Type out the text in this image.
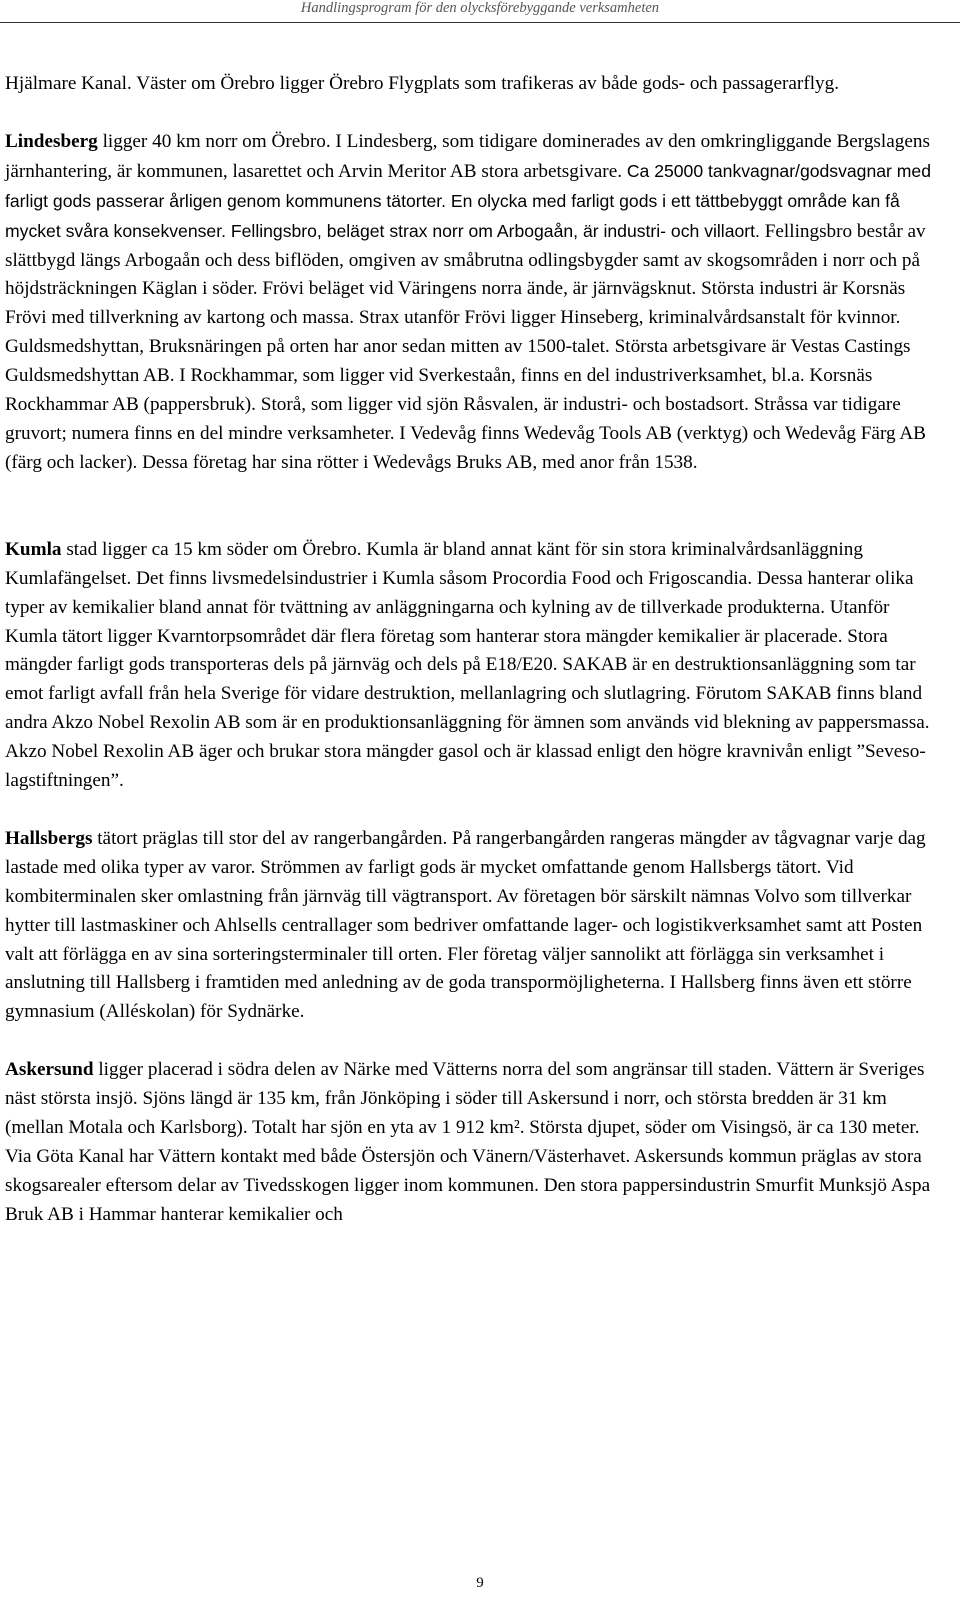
Handlingsprogram för den olycksförebyggande verksamheten

Hjälmare Kanal. Väster om Örebro ligger Örebro Flygplats som trafikeras av både gods- och passagerarflyg.

Lindesberg ligger 40 km norr om Örebro. I Lindesberg, som tidigare dominerades av den omkringliggande Bergslagens järnhantering, är kommunen, lasarettet och Arvin Meritor AB stora arbetsgivare. Ca 25000 tankvagnar/godsvagnar med farligt gods passerar årligen genom kommunens tätorter. En olycka med farligt gods i ett tättbebyggt område kan få mycket svåra konsekvenser. Fellingsbro, beläget strax norr om Arbogaån, är industri- och villaort. Fellingsbro består av slättbygd längs Arbogaån och dess biflöden, omgiven av småbrutna odlingsbygder samt av skogsområden i norr och på höjdsträckningen Käglan i söder. Frövi beläget vid Väringens norra ände, är järnvägsknut. Största industri är Korsnäs Frövi med tillverkning av kartong och massa. Strax utanför Frövi ligger Hinseberg, kriminalvårdsanstalt för kvinnor. Guldsmedshyttan, Bruksnäringen på orten har anor sedan mitten av 1500-talet. Största arbetsgivare är Vestas Castings Guldsmedshyttan AB. I Rockhammar, som ligger vid Sverkestaån, finns en del industriverksamhet, bl.a. Korsnäs Rockhammar AB (pappersbruk). Storå, som ligger vid sjön Råsvalen, är industri- och bostadsort. Stråssa var tidigare gruvort; numera finns en del mindre verksamheter. I Vedevåg finns Wedevåg Tools AB (verktyg) och Wedevåg Färg AB (färg och lacker). Dessa företag har sina rötter i Wedevågs Bruks AB, med anor från 1538.

Kumla stad ligger ca 15 km söder om Örebro. Kumla är bland annat känt för sin stora kriminalvårdsanläggning Kumlafängelset. Det finns livsmedelsindustrier i Kumla såsom Procordia Food och Frigoscandia. Dessa hanterar olika typer av kemikalier bland annat för tvättning av anläggningarna och kylning av de tillverkade produkterna. Utanför Kumla tätort ligger Kvarntorpsområdet där flera företag som hanterar stora mängder kemikalier är placerade. Stora mängder farligt gods transporteras dels på järnväg och dels på E18/E20. SAKAB är en destruktionsanläggning som tar emot farligt avfall från hela Sverige för vidare destruktion, mellanlagring och slutlagring. Förutom SAKAB finns bland andra Akzo Nobel Rexolin AB som är en produktionsanläggning för ämnen som används vid blekning av pappersmassa. Akzo Nobel Rexolin AB äger och brukar stora mängder gasol och är klassad enligt den högre kravnivån enligt ”Seveso-lagstiftningen”.

Hallsbergs tätort präglas till stor del av rangerbangården. På rangerbangården rangeras mängder av tågvagnar varje dag lastade med olika typer av varor. Strömmen av farligt gods är mycket omfattande genom Hallsbergs tätort. Vid kombiterminalen sker omlastning från järnväg till vägtransport. Av företagen bör särskilt nämnas Volvo som tillverkar hytter till lastmaskiner och Ahlsells centrallager som bedriver omfattande lager- och logistikverksamhet samt att Posten valt att förlägga en av sina sorteringsterminaler till orten. Fler företag väljer sannolikt att förlägga sin verksamhet i anslutning till Hallsberg i framtiden med anledning av de goda transpormöjligheterna. I Hallsberg finns även ett större gymnasium (Alléskolan) för Sydnärke.

Askersund ligger placerad i södra delen av Närke med Vätterns norra del som angränsar till staden. Vättern är Sveriges näst största insjö. Sjöns längd är 135 km, från Jönköping i söder till Askersund i norr, och största bredden är 31 km (mellan Motala och Karlsborg). Totalt har sjön en yta av 1 912 km². Största djupet, söder om Visingsö, är ca 130 meter. Via Göta Kanal har Vättern kontakt med både Östersjön och Vänern/Västerhavet. Askersunds kommun präglas av stora skogsarealer eftersom delar av Tivedsskogen ligger inom kommunen. Den stora pappersindustrin Smurfit Munksjö Aspa Bruk AB i Hammar hanterar kemikalier och

9
